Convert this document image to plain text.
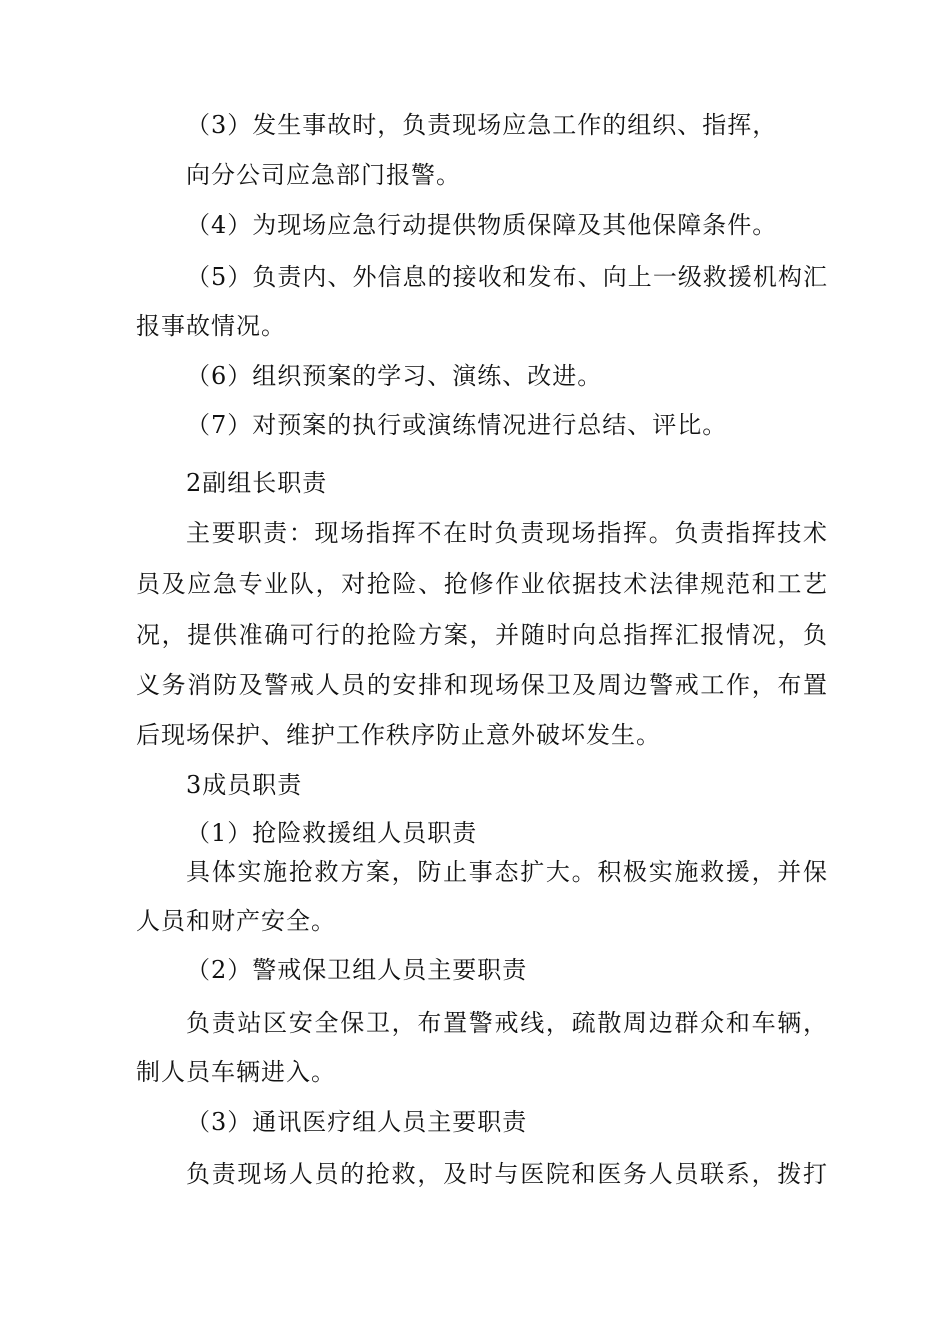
（3）发生事故时，负责现场应急工作的组织、指挥，
向分公司应急部门报警。
（4）为现场应急行动提供物质保障及其他保障条件。
（5）负责内、外信息的接收和发布、向上一级救援机构汇
报事故情况。
（6）组织预案的学习、演练、改进。
（7）对预案的执行或演练情况进行总结、评比。
2副组长职责
主要职责：现场指挥不在时负责现场指挥。负责指挥技术
员及应急专业队，对抢险、抢修作业依据技术法律规范和工艺
况，提供准确可行的抢险方案，并随时向总指挥汇报情况，负
义务消防及警戒人员的安排和现场保卫及周边警戒工作，布置
后现场保护、维护工作秩序防止意外破坏发生。
3成员职责
（1）抢险救援组人员职责
具体实施抢救方案，防止事态扩大。积极实施救援，并保
人员和财产安全。
（2）警戒保卫组人员主要职责
负责站区安全保卫，布置警戒线，疏散周边群众和车辆，
制人员车辆进入。
（3）通讯医疗组人员主要职责
负责现场人员的抢救，及时与医院和医务人员联系，拨打
